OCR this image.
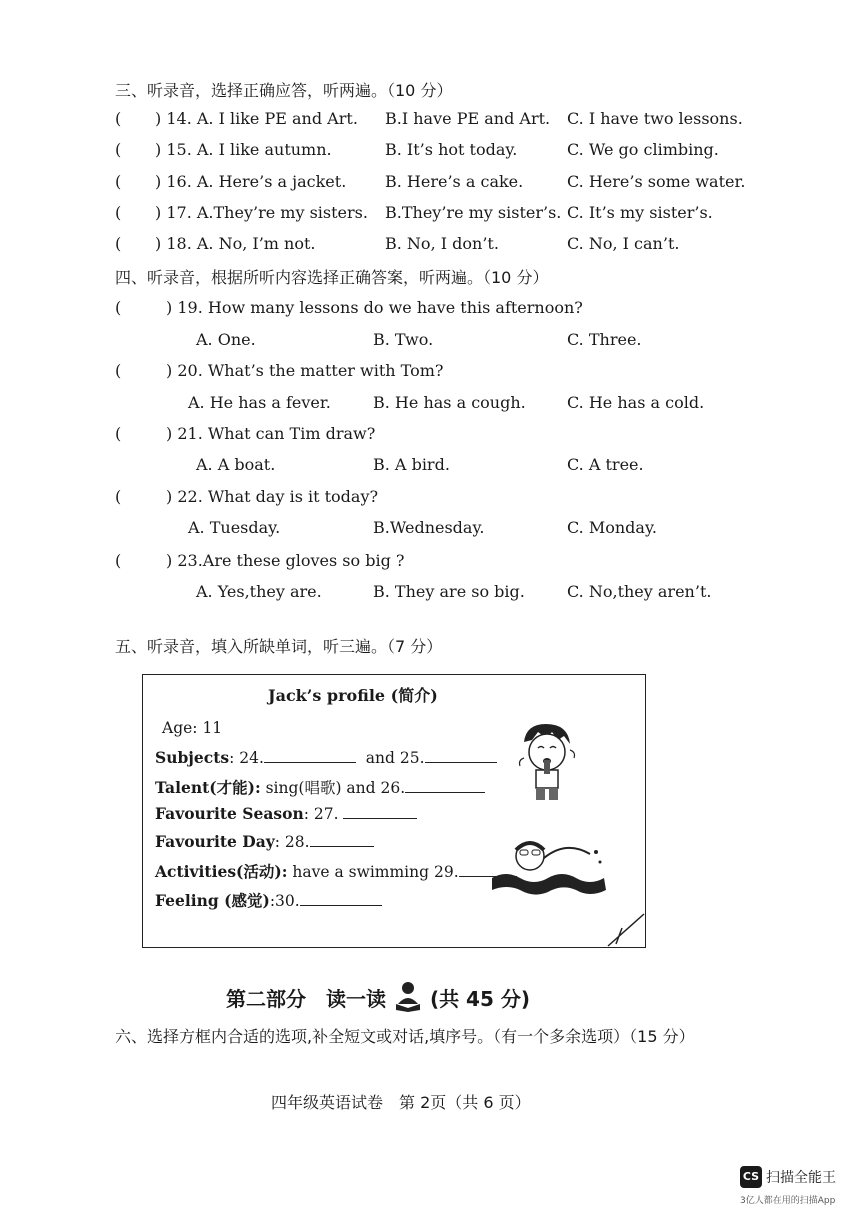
三、听录音，选择正确应答，听两遍。（10 分）
( ) 14. A. I like PE and Art. B.I have PE and Art. C. I have two lessons.
( ) 15. A. I like autumn.	B. It’s hot today.	C. We go climbing.
( ) 16. A. Here’s a jacket. B. Here’s a cake.	C. Here’s some water.
( ) 17. A.They’re my sisters. B.They’re my sister’s. C. It’s my sister’s.
( ) 18. A. No, I’m not.	B. No, I don’t.	C. No, I can’t.
四、听录音，根据所听内容选择正确答案，听两遍。（10 分）
(	) 19. How many lessons do we have this afternoon?
A. One.	B. Two.	C. Three.
(	) 20. What’s the matter with Tom?
A. He has a fever.	B. He has a cough.	C. He has a cold.
(	) 21. What can Tim draw?
A. A boat.	B. A bird.	C. A tree.
(	) 22. What day is it today?
A. Tuesday.	B.Wednesday.	C. Monday.
(	) 23.Are these gloves so big ?
A. Yes,they are.	B. They are so big.	C. No,they aren’t.
五、听录音，填入所缺单词，听三遍。（7 分）
Jack’s profile (简介)
Age: 11
Subjects: 24.	and 25.
Talent(才能): sing(唱歌) and 26.
Favourite Season: 27.
Favourite Day: 28.
Activities(活动): have a swimming 29.
Feeling (感觉):30.
第二部分　读一读 (共 45 分)
六、选择方框内合适的选项,补全短文或对话,填序号。（有一个多余选项）（15 分）
四年级英语试卷　第 2页（共 6 页）
CS 扫描全能王
3亿人都在用的扫描App
